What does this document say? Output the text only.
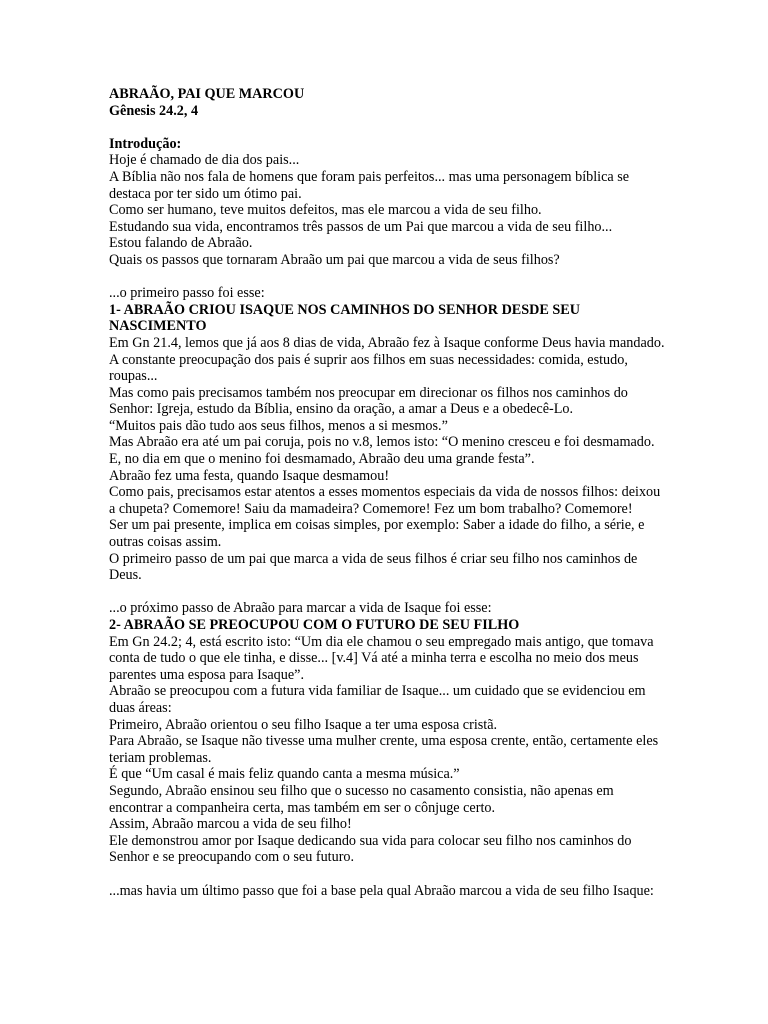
ABRAÃO, PAI QUE MARCOU

Gênesis 24.2, 4

Introdução:

Hoje é chamado de dia dos pais...

A Bíblia não nos fala de homens que foram pais perfeitos... mas uma personagem bíblica se destaca por ter sido um ótimo pai.

Como ser humano, teve muitos defeitos, mas ele marcou a vida de seu filho.

Estudando sua vida, encontramos três passos de um Pai que marcou a vida de seu filho...

Estou falando de Abraão.

Quais os passos que tornaram Abraão um pai que marcou a vida de seus filhos?

...o primeiro passo foi esse:

1- ABRAÃO CRIOU ISAQUE NOS CAMINHOS DO SENHOR DESDE SEU NASCIMENTO

Em Gn 21.4, lemos que já aos 8 dias de vida, Abraão fez à Isaque conforme Deus havia mandado.

A constante preocupação dos pais é suprir aos filhos em suas necessidades: comida, estudo, roupas...

Mas como pais precisamos também nos preocupar em direcionar os filhos nos caminhos do Senhor: Igreja, estudo da Bíblia, ensino da oração, a amar a Deus e a obedecê-Lo.

“Muitos pais dão tudo aos seus filhos, menos a si mesmos.”

Mas Abraão era até um pai coruja, pois no v.8, lemos isto: “O menino cresceu e foi desmamado. E, no dia em que o menino foi desmamado, Abraão deu uma grande festa”.

Abraão fez uma festa, quando Isaque desmamou!

Como pais, precisamos estar atentos a esses momentos especiais da vida de nossos filhos: deixou a chupeta? Comemore! Saiu da mamadeira? Comemore! Fez um bom trabalho? Comemore!

Ser um pai presente, implica em coisas simples, por exemplo: Saber a idade do filho, a série, e outras coisas assim.

O primeiro passo de um pai que marca a vida de seus filhos é criar seu filho nos caminhos de Deus.

...o próximo passo de Abraão para marcar a vida de Isaque foi esse:

2- ABRAÃO SE PREOCUPOU COM O FUTURO DE SEU FILHO

Em Gn 24.2; 4, está escrito isto: “Um dia ele chamou o seu empregado mais antigo, que tomava conta de tudo o que ele tinha, e disse... [v.4] Vá até a minha terra e escolha no meio dos meus parentes uma esposa para Isaque”.

Abraão se preocupou com a futura vida familiar de Isaque... um cuidado que se evidenciou em duas áreas:

Primeiro, Abraão orientou o seu filho Isaque a ter uma esposa cristã.

Para Abraão, se Isaque não tivesse uma mulher crente, uma esposa crente, então, certamente eles teriam problemas.

É que “Um casal é mais feliz quando canta a mesma música.”

Segundo, Abraão ensinou seu filho que o sucesso no casamento consistia, não apenas em encontrar a companheira certa, mas também em ser o cônjuge certo.

Assim, Abraão marcou a vida de seu filho!

Ele demonstrou amor por Isaque dedicando sua vida para colocar seu filho nos caminhos do Senhor e se preocupando com o seu futuro.

...mas havia um último passo que foi a base pela qual Abraão marcou a vida de seu filho Isaque:
